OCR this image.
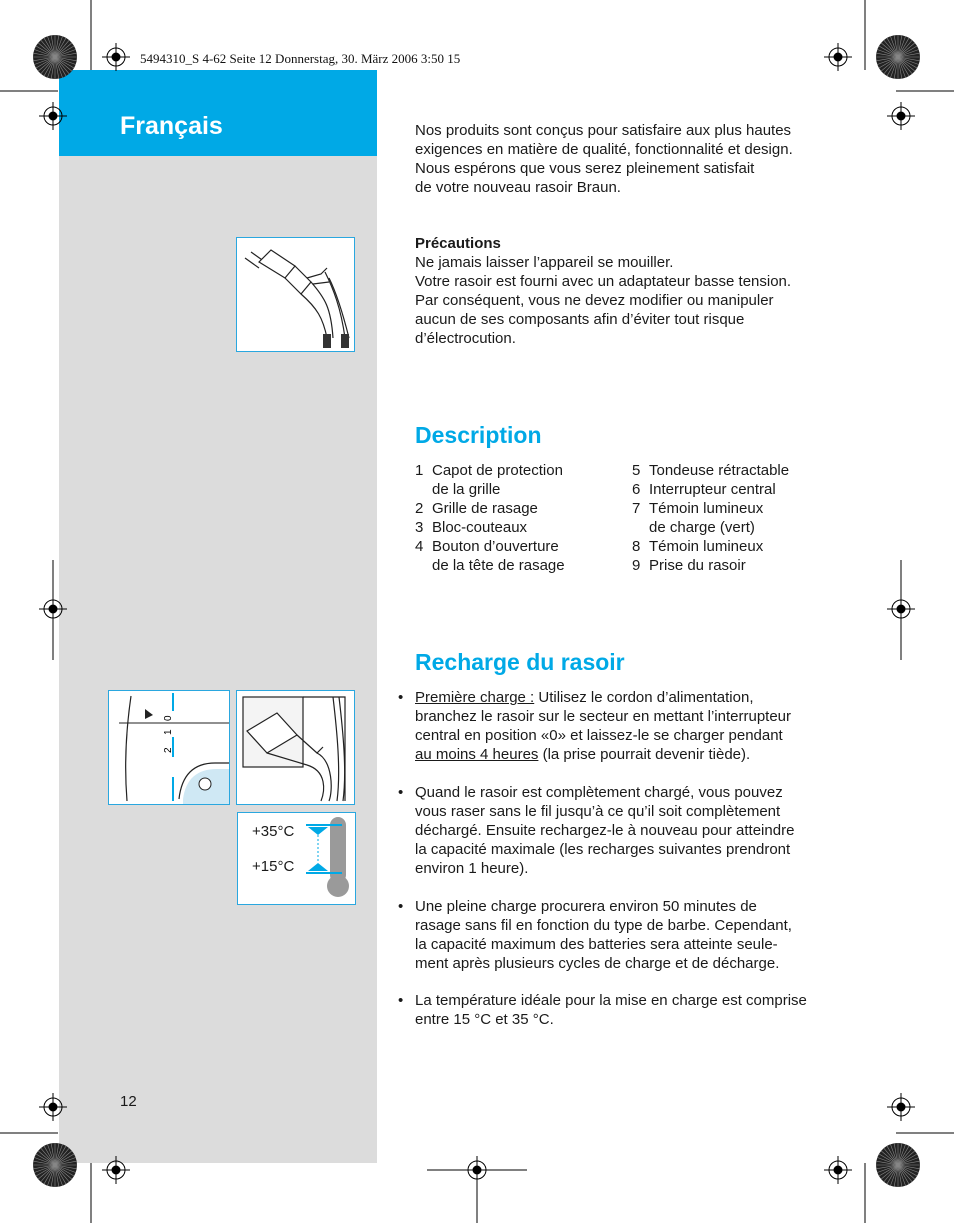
Français
5494310_S 4-62 Seite 12 Donnerstag, 30. März 2006 3:50 15
Nos produits sont conçus pour satisfaire aux plus hautes
exigences en matière de qualité, fonctionnalité et design.
Nous espérons que vous serez pleinement satisfait
de votre nouveau rasoir Braun.
Précautions
Ne jamais laisser l’appareil se mouiller.
Votre rasoir est fourni avec un adaptateur basse tension.
Par conséquent, vous ne devez modifier ou manipuler
aucun de ses composants afin d’éviter tout risque
d’électrocution.
Description
1 Capot de protection
de la grille
2 Grille de rasage
3 Bloc-couteaux
4 Bouton d’ouverture
de la tête de rasage
5 Tondeuse rétractable
6 Interrupteur central
7 Témoin lumineux
de charge (vert)
8 Témoin lumineux
9 Prise du rasoir
Recharge du rasoir
• Première charge : Utilisez le cordon d’alimentation,
branchez le rasoir sur le secteur en mettant l’interrupteur
central en position «0» et laissez-le se charger pendant
au moins 4 heures (la prise pourrait devenir tiède).
• Quand le rasoir est complètement chargé, vous pouvez
vous raser sans le fil jusqu’à ce qu’il soit complètement
déchargé. Ensuite rechargez-le à nouveau pour atteindre
la capacité maximale (les recharges suivantes prendront
environ 1 heure).
• Une pleine charge procurera environ 50 minutes de
rasage sans fil en fonction du type de barbe. Cependant,
la capacité maximum des batteries sera atteinte seule-
ment après plusieurs cycles de charge et de décharge.
• La température idéale pour la mise en charge est comprise
entre 15 °C et 35 °C.
0
1
2
+35°C
+15°C
12
